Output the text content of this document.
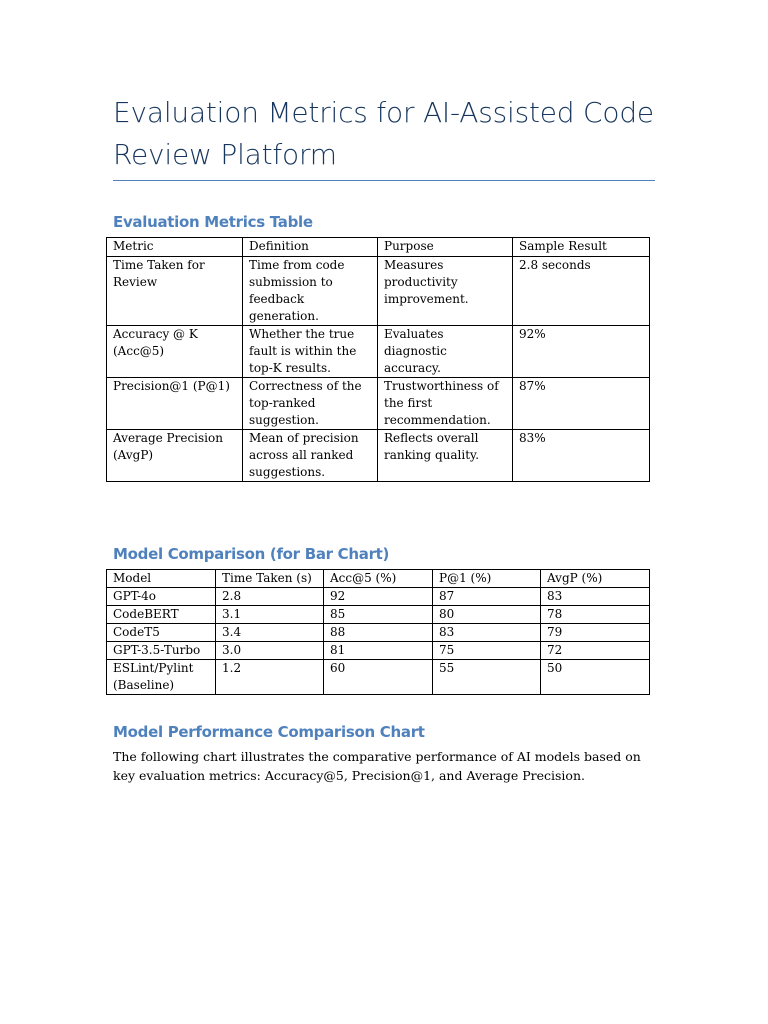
Evaluation Metrics for AI-Assisted Code Review Platform
Evaluation Metrics Table
Metric	Definition	Purpose	Sample Result
Time Taken for Review	Time from code submission to feedback generation.	Measures productivity improvement.	2.8 seconds
Accuracy @ K (Acc@5)	Whether the true fault is within the top-K results.	Evaluates diagnostic accuracy.	92%
Precision@1 (P@1)	Correctness of the top-ranked suggestion.	Trustworthiness of the first recommendation.	87%
Average Precision (AvgP)	Mean of precision across all ranked suggestions.	Reflects overall ranking quality.	83%
Model Comparison (for Bar Chart)
Model	Time Taken (s)	Acc@5 (%)	P@1 (%)	AvgP (%)
GPT-4o	2.8	92	87	83
CodeBERT	3.1	85	80	78
CodeT5	3.4	88	83	79
GPT-3.5-Turbo	3.0	81	75	72
ESLint/Pylint (Baseline)	1.2	60	55	50
Model Performance Comparison Chart
The following chart illustrates the comparative performance of AI models based on key evaluation metrics: Accuracy@5, Precision@1, and Average Precision.
